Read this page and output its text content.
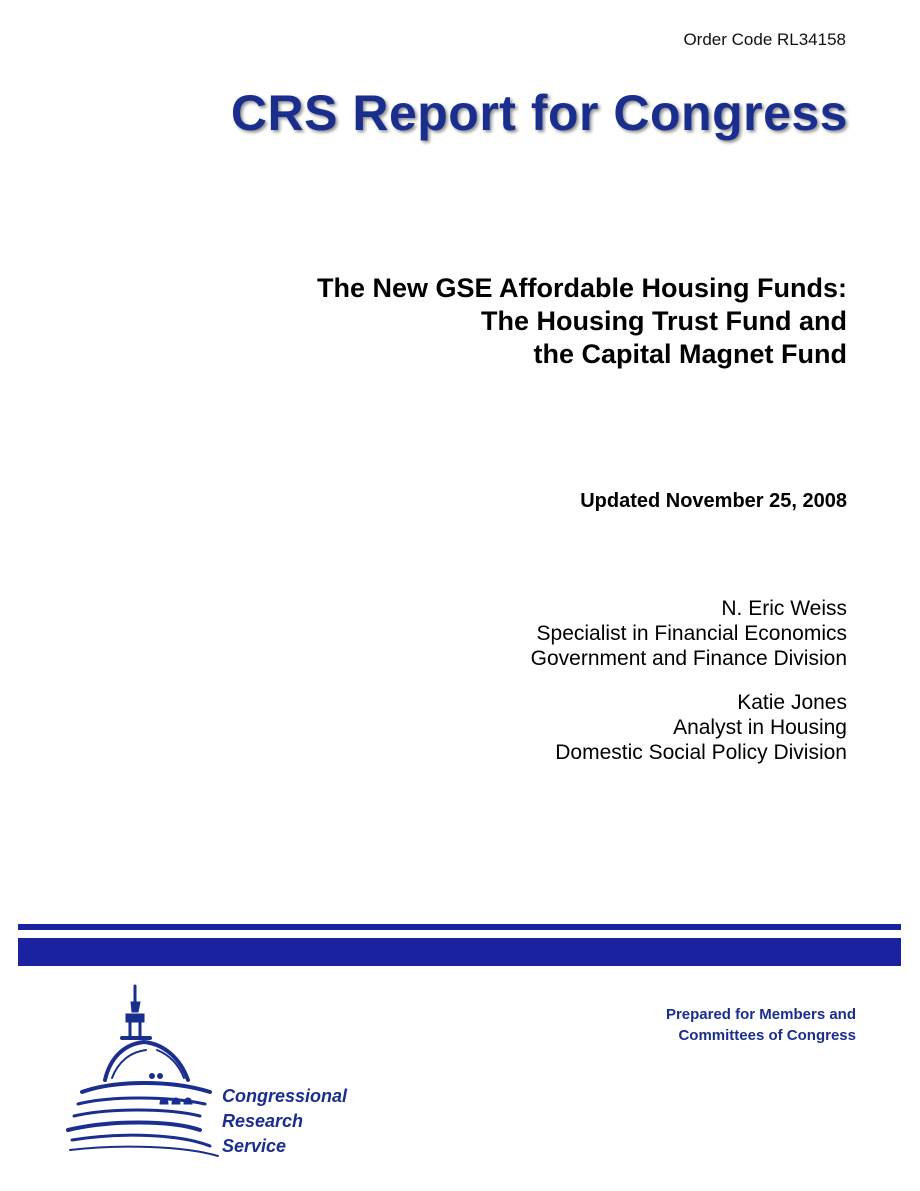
Order Code RL34158
CRS Report for Congress
The New GSE Affordable Housing Funds:
The Housing Trust Fund and
the Capital Magnet Fund
Updated November 25, 2008
N. Eric Weiss
Specialist in Financial Economics
Government and Finance Division
Katie Jones
Analyst in Housing
Domestic Social Policy Division
Prepared for Members and
Committees of Congress
Congressional
Research
Service
